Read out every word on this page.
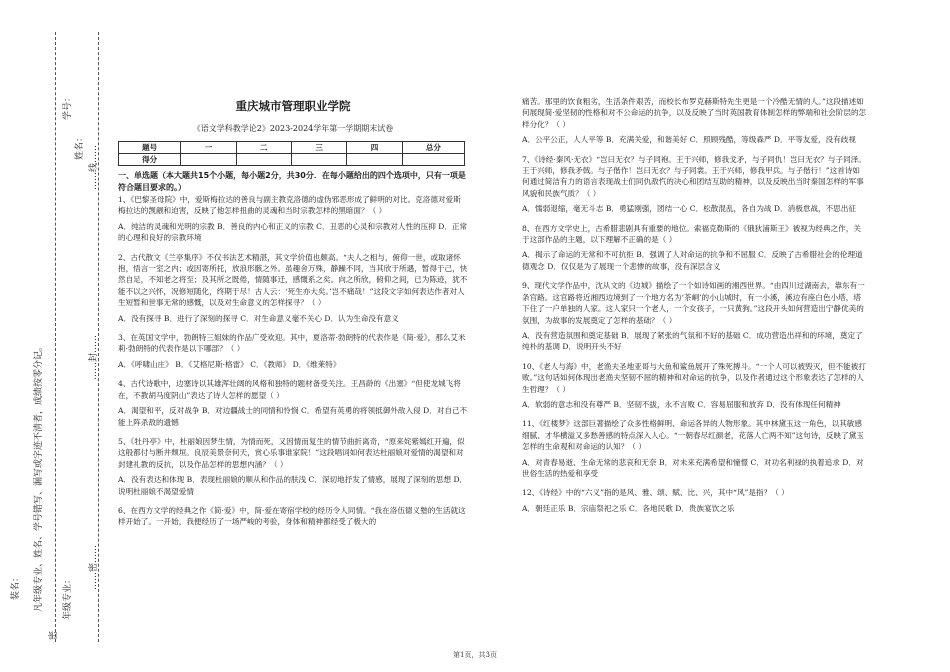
年级专业：
学号：
姓名：
装名：	凡年级专业、姓名、学号错写、漏写或字迹不清者，成绩按零分记。
密
……密……
……封……
……线……
重庆城市管理职业学院
《语文学科教学论2》2023-2024学年第一学期期末试卷
题号	一	二	三	四	总分
得分					

一、单选题（本大题共15个小题，每小题2分，共30分．在每小题给出的四个选项中，只有一项是符合题目要求的。）

1、《巴黎圣母院》中，爱斯梅拉达的善良与副主教克洛德的虚伪邪恶形成了鲜明的对比。克洛德对爱斯梅拉达的觊觎和迫害，反映了他怎样扭曲的灵魂和当时宗教怎样的黑暗面？（ ）

A．纯洁的灵魂和光明的宗教 B．善良的内心和正义的宗教 C．丑恶的心灵和宗教对人性的压抑 D．正常的心理和良好的宗教环境

2、古代散文《兰亭集序》不仅书法艺术精湛，其文学价值也颇高。“夫人之相与，俯仰一世，或取诸怀抱，悟言一室之内；或因寄所托，放浪形骸之外。虽趣舍万殊，静躁不同，当其欣于所遇，暂得于己，快然自足，不知老之将至；及其所之既倦，情随事迁，感慨系之矣。向之所欣，俯仰之间，已为陈迹，犹不能不以之兴怀，况修短随化，终期于尽！古人云：‘死生亦大矣。’岂不痛哉！”这段文字如何表达作者对人生短暂和世事无常的感慨，以及对生命意义的怎样探寻？（ ）

A．没有探寻 B．进行了深刻的探寻 C．对生命意义毫不关心 D．认为生命没有意义

3、在英国文学中，勃朗特三姐妹的作品广受欢迎。其中，夏洛蒂·勃朗特的代表作是《简·爱》，那么艾米莉·勃朗特的代表作是以下哪部？（ ）

A．《呼啸山庄》 B．《艾格尼斯·格雷》 C．《教师》 D．《维莱特》

4、古代诗歌中，边塞诗以其雄浑壮阔的风格和独特的题材备受关注。王昌龄的《出塞》“但使龙城飞将在，不教胡马度阴山”表达了诗人怎样的愿望（ ）

A．渴望和平，反对战争 B．对边疆战士的同情和怜悯 C．希望有英勇的将领抵御外敌入侵 D．对自己不能上阵杀敌的遗憾

5、《牡丹亭》中，杜丽娘因梦生情，为情而死，又因情而复生的情节曲折离奇，“原来姹紫嫣红开遍，似这般都付与断井颓垣。良辰美景奈何天，赏心乐事谁家院！”这段唱词如何表达杜丽娘对爱情的渴望和对封建礼教的反抗，以及作品怎样的思想内涵？（ ）

A．没有表达和体现 B．表现杜丽娘的顺从和作品的肤浅 C．深切地抒发了情感，展现了深刻的思想 D．说明杜丽娘不渴望爱情

6、在西方文学的经典之作《简·爱》中，简·爱在寄宿学校的经历令人同情。“我在洛伍德义塾的生活就这样开始了。一开始，我便经历了一场严峻的考验，身体和精神都经受了极大的

痛苦。那里的饮食粗劣，生活条件艰苦，而校长布罗克赫斯特先生更是一个冷酷无情的人。”这段描述如何展现简·爱坚韧的性格和对不公命运的抗争，以及反映了当时英国教育体制怎样的弊端和社会阶层的怎样分化？（ ）

A．公平公正，人人平等 B．充满关爱，和谐美好 C．照顾残酷，等级森严 D．平等友爱，没有歧视

7、《诗经·秦风·无衣》“岂曰无衣？与子同袍。王于兴师，修我戈矛，与子同仇！岂曰无衣？与子同泽。王于兴师，修我矛戟。与子偕作！岂曰无衣？与子同裳。王于兴师，修我甲兵。与子偕行！”这首诗如何通过简洁有力的语言表现战士们同仇敌忾的决心和团结互助的精神，以及反映出当时秦国怎样的军事风貌和民族气质？（ ）

A．懦弱退缩，毫无斗志 B．勇猛刚强，团结一心 C．松散混乱，各自为战 D．消极怠战，不思出征

8、在西方文学史上，古希腊悲剧具有重要的地位。索福克勒斯的《俄狄浦斯王》被视为经典之作，关于这部作品的主题，以下理解不正确的是（ ）

A．揭示了命运的无常和不可抗拒 B．强调了人对命运的抗争和不屈服 C．反映了古希腊社会的伦理道德观念 D．仅仅是为了展现一个悲惨的故事，没有深层含义

9、现代文学作品中，沈从文的《边城》描绘了一个如诗如画的湘西世界。“由四川过湖南去，靠东有一条官路。这官路将近湘西边境到了一个地方名为‘茶峒’的小山城时，有一小溪，溪边有座白色小塔，塔下住了一户单独的人家。这人家只一个老人，一个女孩子，一只黄狗。”这段开头如何营造出宁静优美的氛围，为故事的发展奠定了怎样的基础？（ ）

A．没有营造氛围和奠定基础 B．展现了紧张的气氛和不好的基础 C．成功营造出祥和的环境，奠定了纯朴的基调 D．说明开头不好

10、《老人与海》中，老渔夫圣地亚哥与大鱼和鲨鱼展开了殊死搏斗。“一个人可以被毁灭，但不能被打败。”这句话如何体现出老渔夫坚韧不屈的精神和对命运的抗争，以及作者通过这个形象表达了怎样的人生哲理？（ ）

A．软弱的意志和没有尊严 B．坚韧不拔，永不言败 C．容易屈服和放弃 D．没有体现任何精神

11、《红楼梦》这部巨著描绘了众多性格鲜明、命运各异的人物形象。其中林黛玉这一角色，以其敏感细腻、才华横溢又多愁善感的特点深入人心。“一朝春尽红颜老，花落人亡两不知”这句诗，反映了黛玉怎样的生命观和对命运的认知？（ ）

A．对青春易逝、生命无常的悲哀和无奈 B．对未来充满希望和憧憬 C．对功名利禄的执着追求 D．对世俗生活的热爱和享受

12、《诗经》中的“六义”指的是风、雅、颂、赋、比、兴，其中“风”是指？（ ）

A．朝廷正乐 B．宗庙祭祀之乐 C．各地民歌 D．贵族宴饮之乐

第1页，共3页
